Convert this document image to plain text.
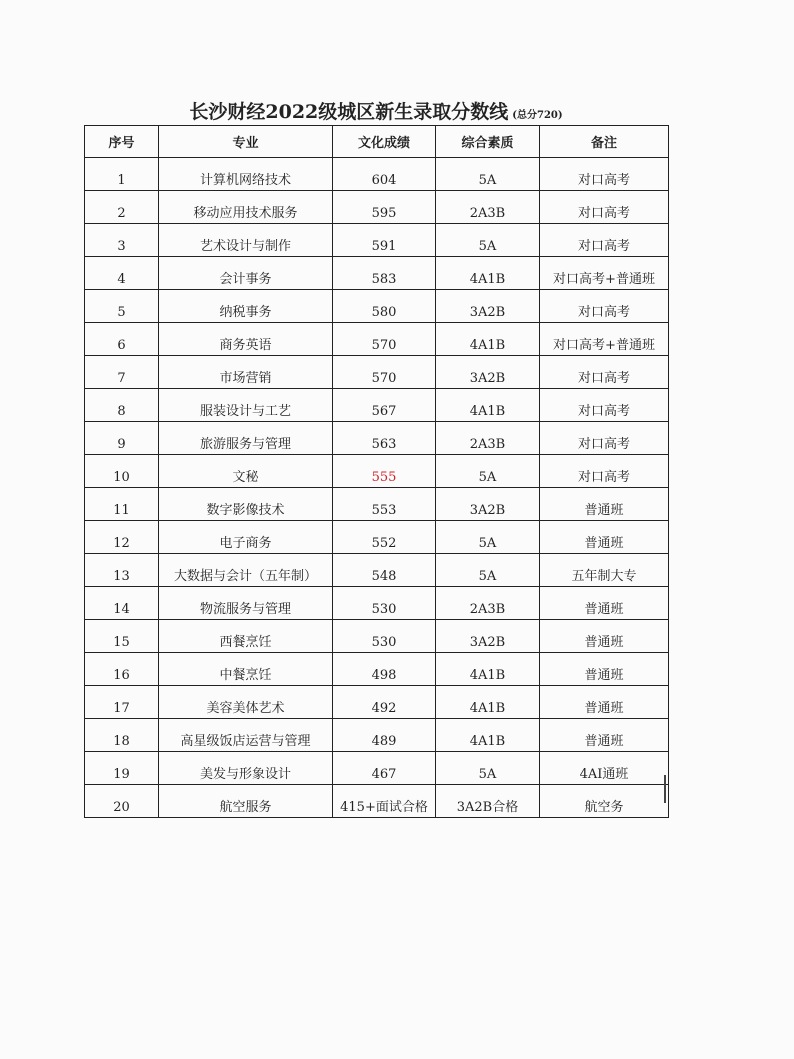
长沙财经2022级城区新生录取分数线 (总分720)
序号	专业	文化成绩	综合素质	备注
1	计算机网络技术	604	5A	对口高考
2	移动应用技术服务	595	2A3B	对口高考
3	艺术设计与制作	591	5A	对口高考
4	会计事务	583	4A1B	对口高考+普通班
5	纳税事务	580	3A2B	对口高考
6	商务英语	570	4A1B	对口高考+普通班
7	市场营销	570	3A2B	对口高考
8	服装设计与工艺	567	4A1B	对口高考
9	旅游服务与管理	563	2A3B	对口高考
10	文秘	555	5A	对口高考
11	数字影像技术	553	3A2B	普通班
12	电子商务	552	5A	普通班
13	大数据与会计（五年制）	548	5A	五年制大专
14	物流服务与管理	530	2A3B	普通班
15	西餐烹饪	530	3A2B	普通班
16	中餐烹饪	498	4A1B	普通班
17	美容美体艺术	492	4A1B	普通班
18	高星级饭店运营与管理	489	4A1B	普通班
19	美发与形象设计	467	5A	4AI通班
20	航空服务	415+面试合格	3A2B合格	航空务
